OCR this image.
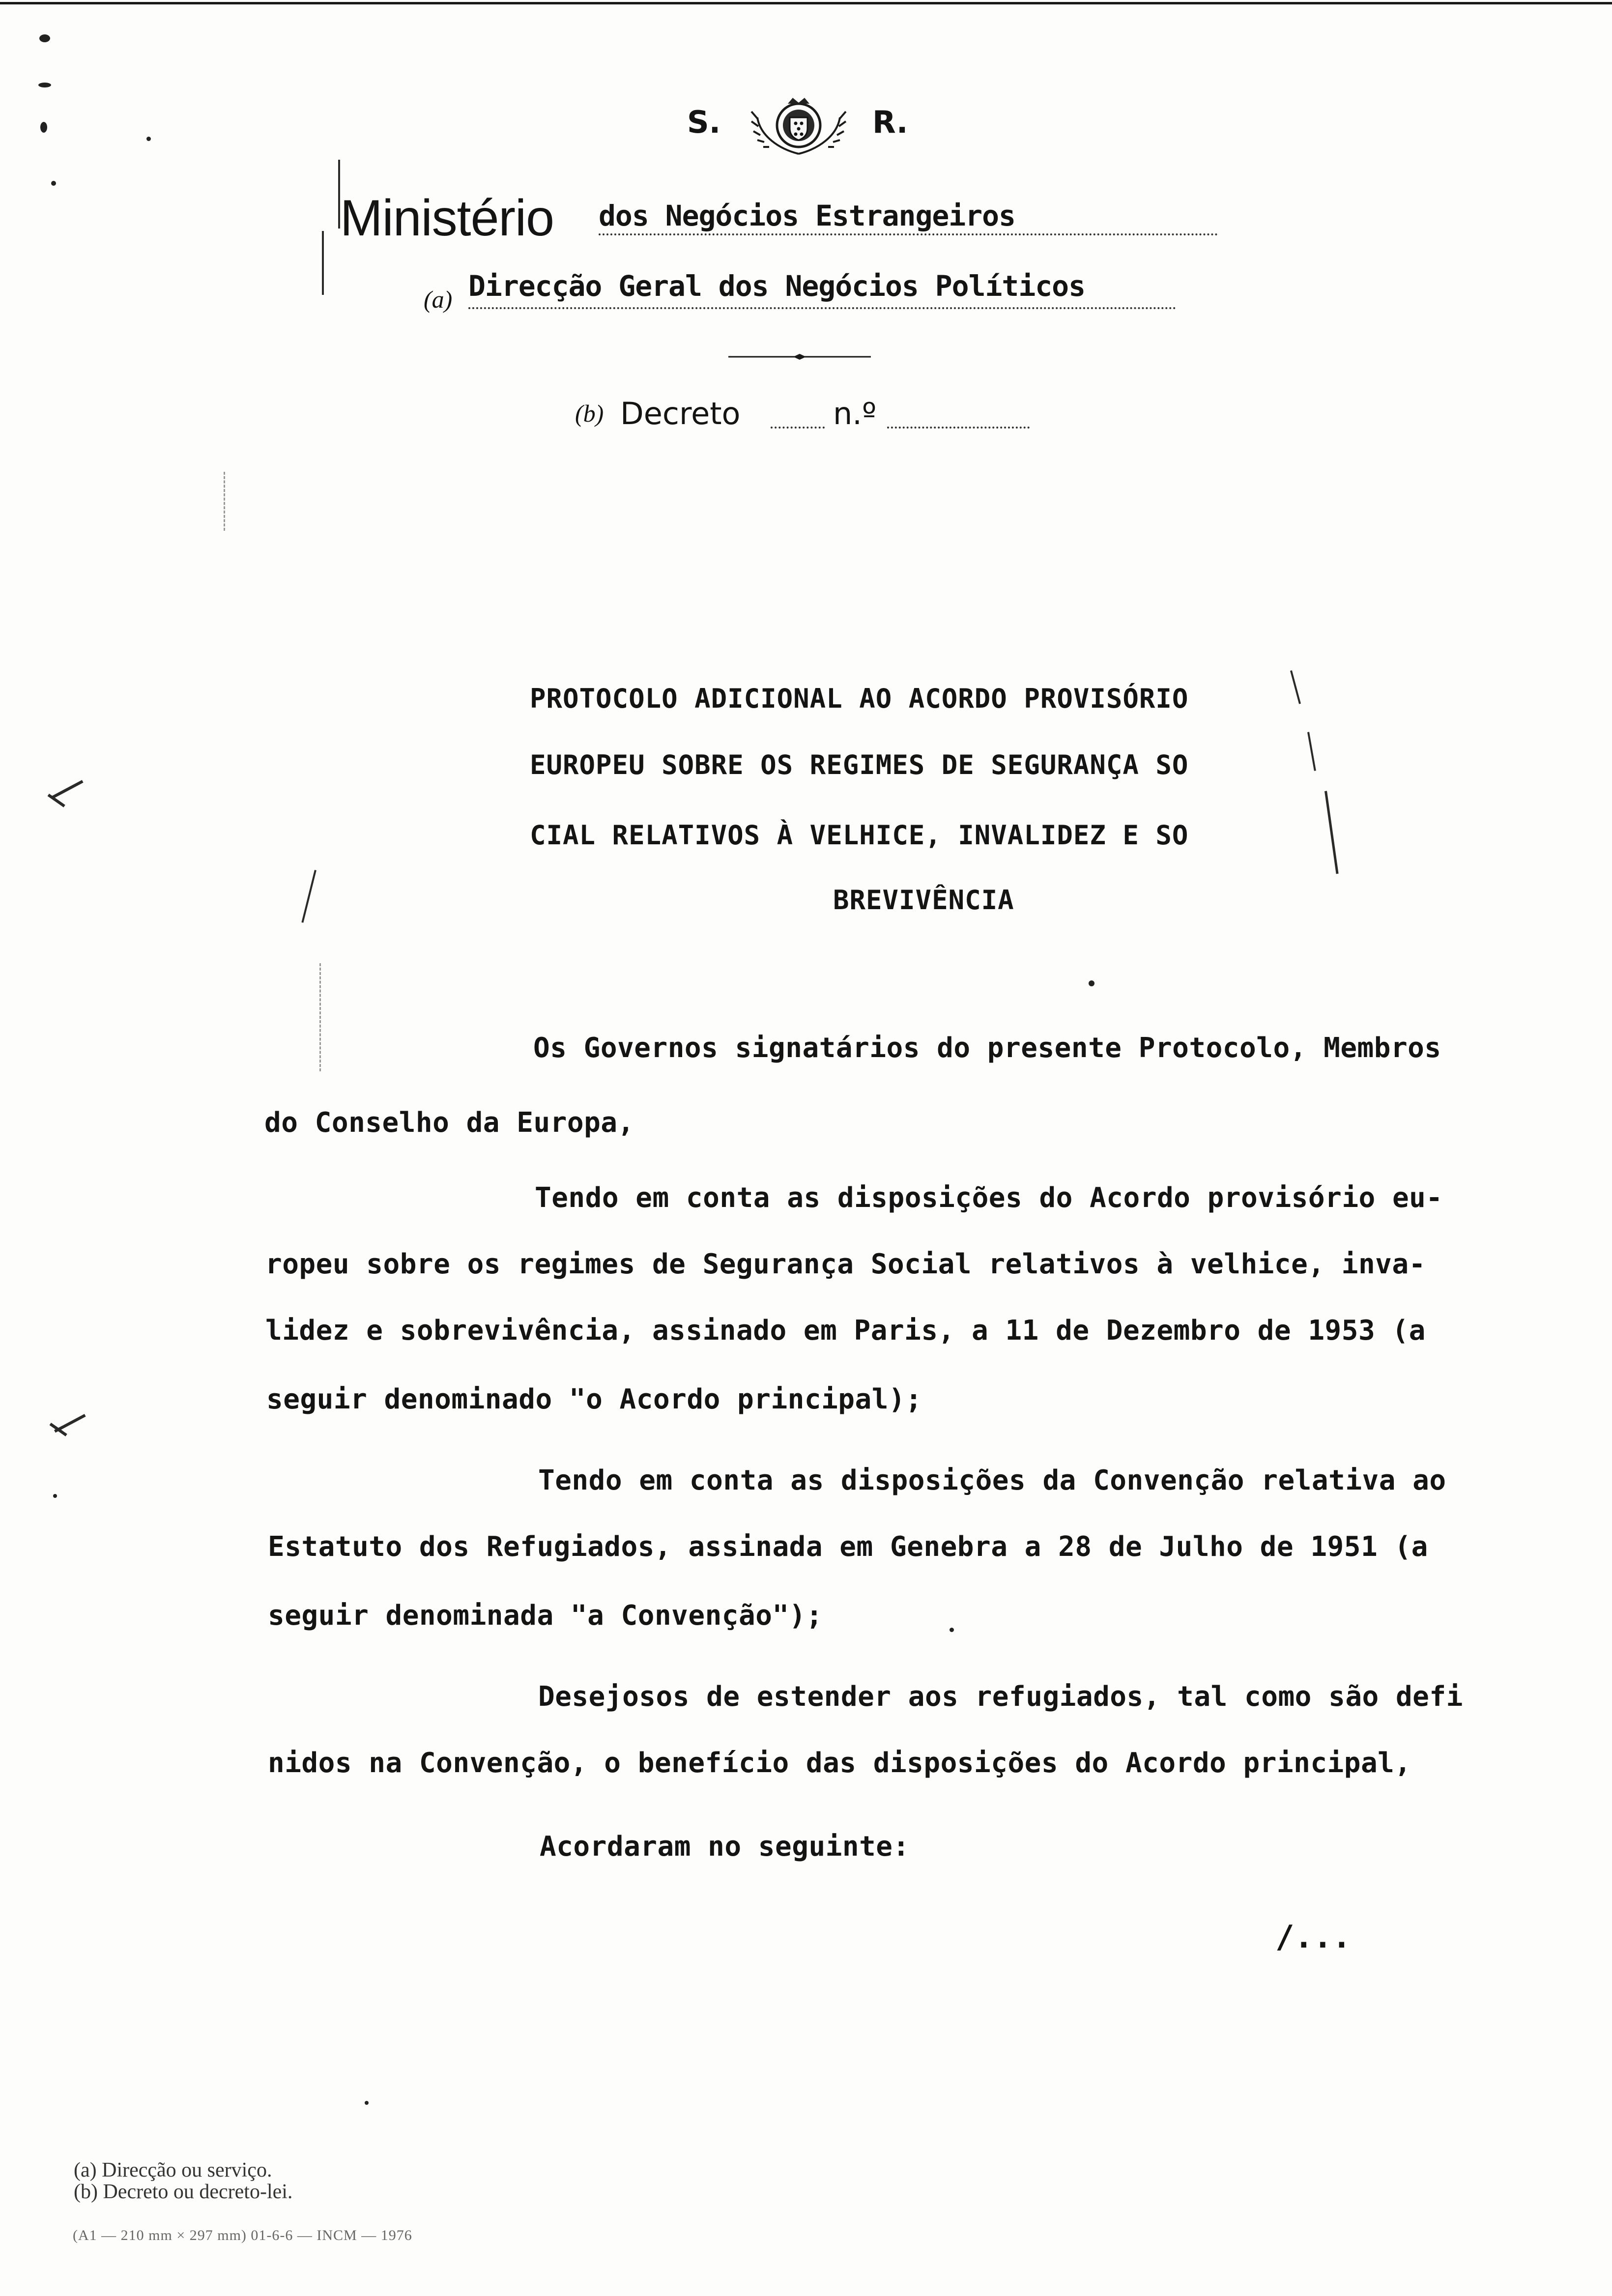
S.	R.
Ministério dos Negócios Estrangeiros
(a) Direcção Geral dos Negócios Políticos
(b) Decreto	n.º
PROTOCOLO ADICIONAL AO ACORDO PROVISÓRIO
EUROPEU SOBRE OS REGIMES DE SEGURANÇA SO
CIAL RELATIVOS À VELHICE, INVALIDEZ E SO
BREVIVÊNCIA
Os Governos signatários do presente Protocolo, Membros
do Conselho da Europa,
Tendo em conta as disposições do Acordo provisório eu-
ropeu sobre os regimes de Segurança Social relativos à velhice, inva-
lidez e sobrevivência, assinado em Paris, a 11 de Dezembro de 1953 (a
seguir denominado "o Acordo principal);
Tendo em conta as disposições da Convenção relativa ao
Estatuto dos Refugiados, assinada em Genebra a 28 de Julho de 1951 (a
seguir denominada "a Convenção");
Desejosos de estender aos refugiados, tal como são defi
nidos na Convenção, o benefício das disposições do Acordo principal,
Acordaram no seguinte:
/...
(a) Direcção ou serviço.
(b) Decreto ou decreto-lei.
(A1 — 210 mm × 297 mm) 01-6-6 — INCM — 1976
